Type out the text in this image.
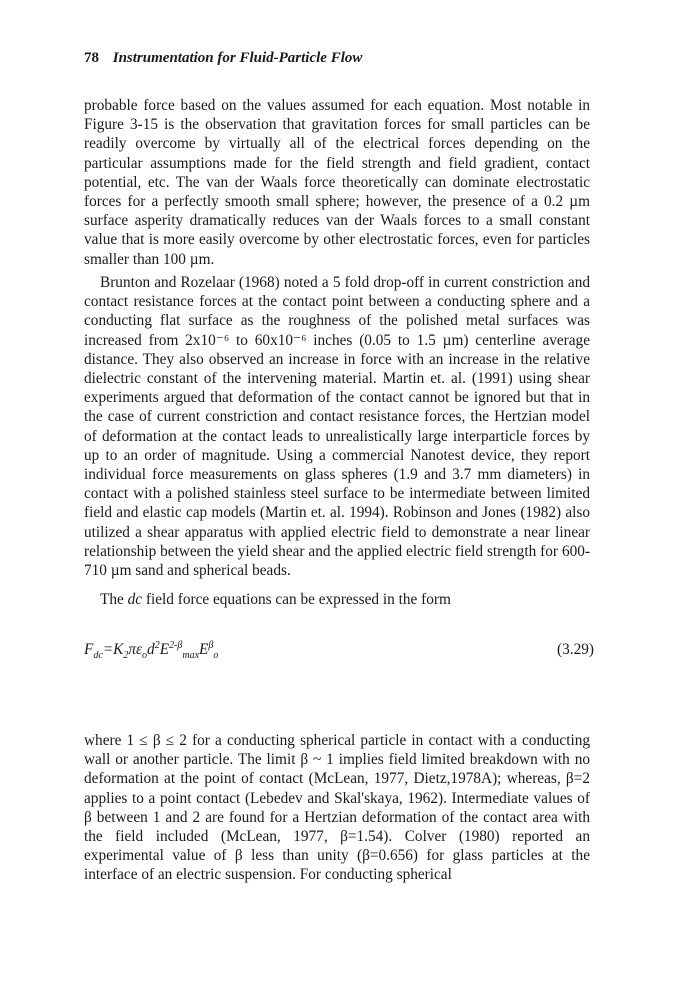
78 Instrumentation for Fluid-Particle Flow

probable force based on the values assumed for each equation. Most notable in Figure 3-15 is the observation that gravitation forces for small particles can be readily overcome by virtually all of the electrical forces depending on the particular assumptions made for the field strength and field gradient, contact potential, etc. The van der Waals force theoretically can dominate electrostatic forces for a perfectly smooth small sphere; however, the presence of a 0.2 µm surface asperity dramatically reduces van der Waals forces to a small constant value that is more easily overcome by other electrostatic forces, even for particles smaller than 100 µm.

Brunton and Rozelaar (1968) noted a 5 fold drop-off in current constriction and contact resistance forces at the contact point between a conducting sphere and a conducting flat surface as the roughness of the polished metal surfaces was increased from 2x10⁻⁶ to 60x10⁻⁶ inches (0.05 to 1.5 µm) centerline average distance. They also observed an increase in force with an increase in the relative dielectric constant of the intervening material. Martin et. al. (1991) using shear experiments argued that deformation of the contact cannot be ignored but that in the case of current constriction and contact resistance forces, the Hertzian model of deformation at the contact leads to unrealistically large interparticle forces by up to an order of magnitude. Using a commercial Nanotest device, they report individual force measurements on glass spheres (1.9 and 3.7 mm diameters) in contact with a polished stainless steel surface to be intermediate between limited field and elastic cap models (Martin et. al. 1994). Robinson and Jones (1982) also utilized a shear apparatus with applied electric field to demonstrate a near linear relationship between the yield shear and the applied electric field strength for 600-710 µm sand and spherical beads.

The dc field force equations can be expressed in the form

$F_{dc}=K_2\pi\varepsilon_od^2E^{2-\beta}_{max}E^\beta_o$	(3.29)

where 1 ≤ β ≤ 2 for a conducting spherical particle in contact with a conducting wall or another particle. The limit β ~ 1 implies field limited breakdown with no deformation at the point of contact (McLean, 1977, Dietz,1978A); whereas, β=2 applies to a point contact (Lebedev and Skal'skaya, 1962). Intermediate values of β between 1 and 2 are found for a Hertzian deformation of the contact area with the field included (McLean, 1977, β=1.54). Colver (1980) reported an experimental value of β less than unity (β=0.656) for glass particles at the interface of an electric suspension. For conducting spherical
